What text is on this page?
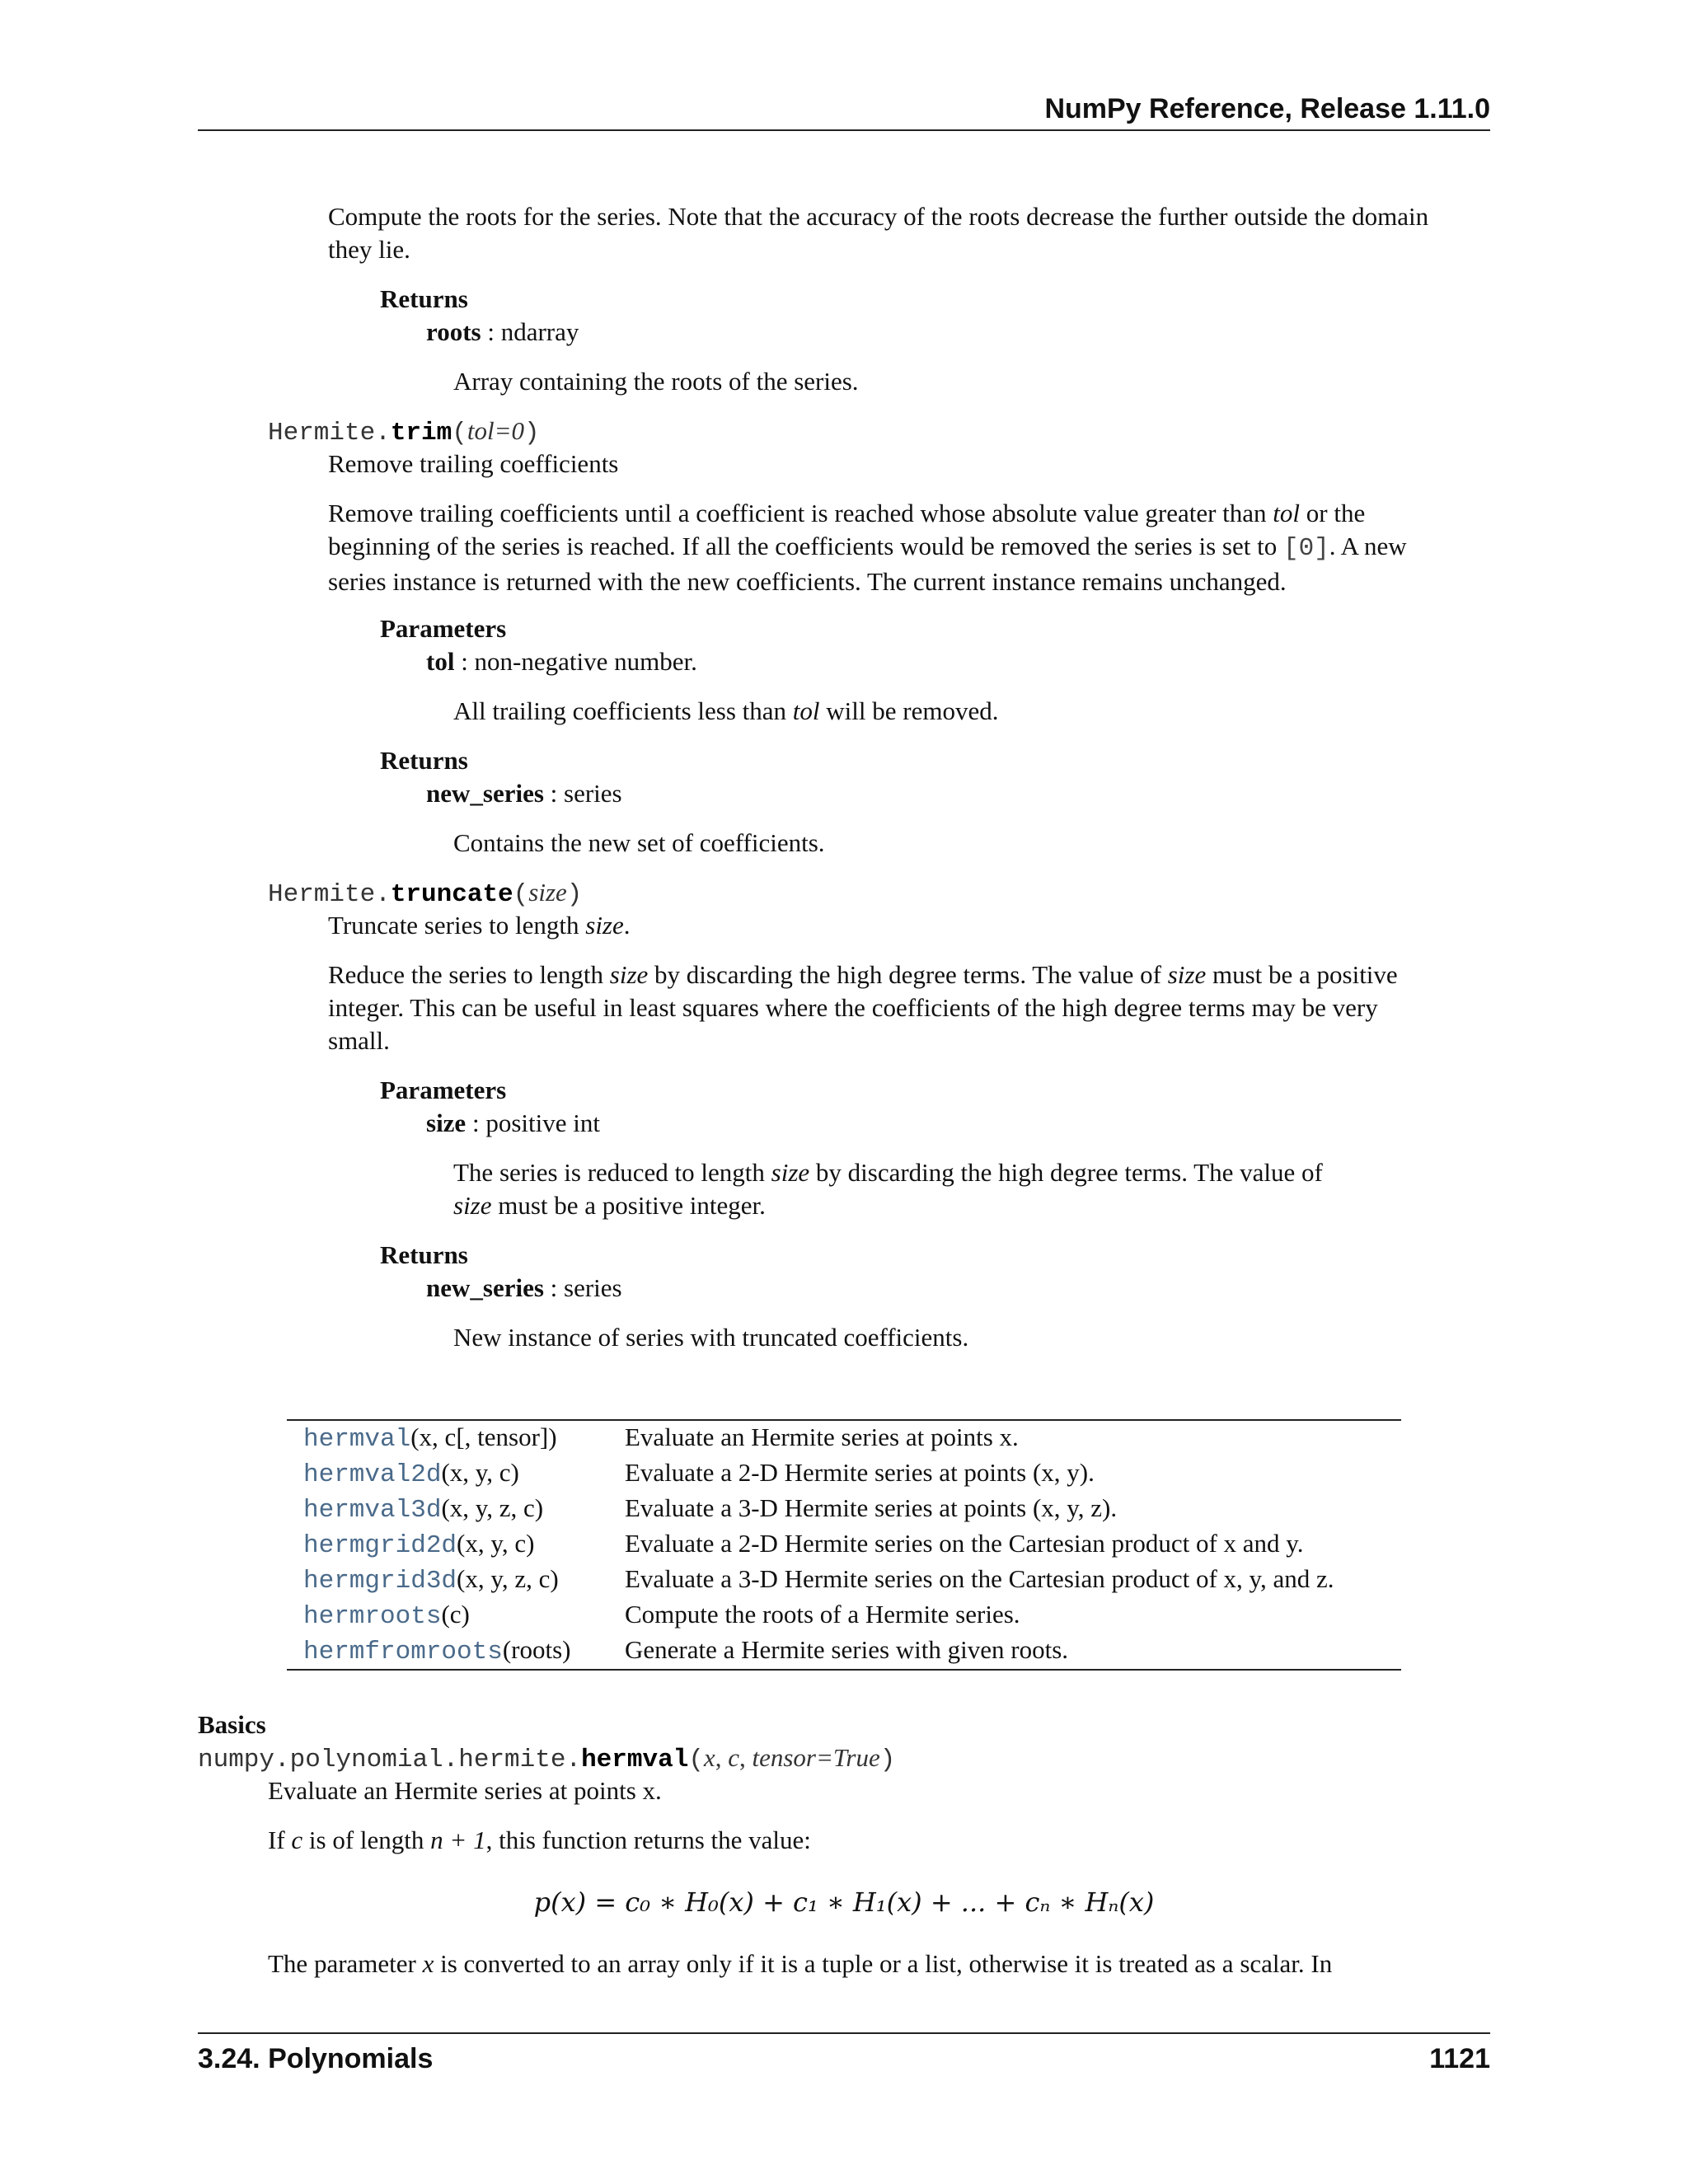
NumPy Reference, Release 1.11.0
Compute the roots for the series. Note that the accuracy of the roots decrease the further outside the domain
they lie.
Returns
roots : ndarray
Array containing the roots of the series.
Hermite.trim(tol=0)
Remove trailing coefficients
Remove trailing coefficients until a coefficient is reached whose absolute value greater than tol or the
beginning of the series is reached. If all the coefficients would be removed the series is set to [0]. A new
series instance is returned with the new coefficients. The current instance remains unchanged.
Parameters
tol : non-negative number.
All trailing coefficients less than tol will be removed.
Returns
new_series : series
Contains the new set of coefficients.
Hermite.truncate(size)
Truncate series to length size.
Reduce the series to length size by discarding the high degree terms. The value of size must be a positive
integer. This can be useful in least squares where the coefficients of the high degree terms may be very
small.
Parameters
size : positive int
The series is reduced to length size by discarding the high degree terms. The value of
size must be a positive integer.
Returns
new_series : series
New instance of series with truncated coefficients.
hermval(x, c[, tensor])	Evaluate an Hermite series at points x.
hermval2d(x, y, c)	Evaluate a 2-D Hermite series at points (x, y).
hermval3d(x, y, z, c)	Evaluate a 3-D Hermite series at points (x, y, z).
hermgrid2d(x, y, c)	Evaluate a 2-D Hermite series on the Cartesian product of x and y.
hermgrid3d(x, y, z, c)	Evaluate a 3-D Hermite series on the Cartesian product of x, y, and z.
hermroots(c)	Compute the roots of a Hermite series.
hermfromroots(roots)	Generate a Hermite series with given roots.
Basics
numpy.polynomial.hermite.hermval(x, c, tensor=True)
Evaluate an Hermite series at points x.
If c is of length n + 1, this function returns the value:
p(x) = c₀ ∗ H₀(x) + c₁ ∗ H₁(x) + ... + cₙ ∗ Hₙ(x)
The parameter x is converted to an array only if it is a tuple or a list, otherwise it is treated as a scalar. In
3.24. Polynomials	1121
